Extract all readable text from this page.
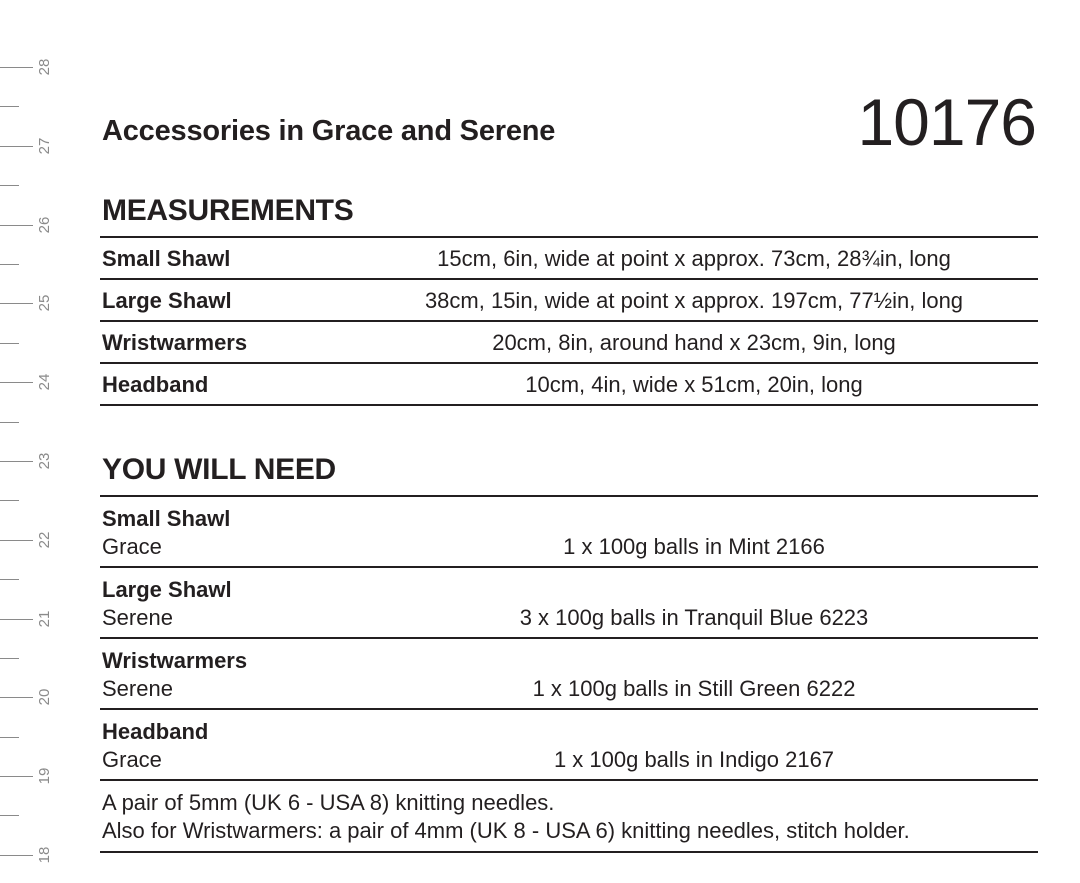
28
27
26
25
24
23
22
21
20
19
18
Accessories in Grace and Serene	10176
MEASUREMENTS
Small Shawl	15cm, 6in, wide at point x approx. 73cm, 28¾in, long
Large Shawl	38cm, 15in, wide at point x approx. 197cm, 77½in, long
Wristwarmers	20cm, 8in, around hand x 23cm, 9in, long
Headband	10cm, 4in, wide x 51cm, 20in, long
YOU WILL NEED
Small Shawl
Grace	1 x 100g balls in Mint 2166
Large Shawl
Serene	3 x 100g balls in Tranquil Blue 6223
Wristwarmers
Serene	1 x 100g balls in Still Green 6222
Headband
Grace	1 x 100g balls in Indigo 2167
A pair of 5mm (UK 6 - USA 8) knitting needles.
Also for Wristwarmers: a pair of 4mm (UK 8 - USA 6) knitting needles, stitch holder.
